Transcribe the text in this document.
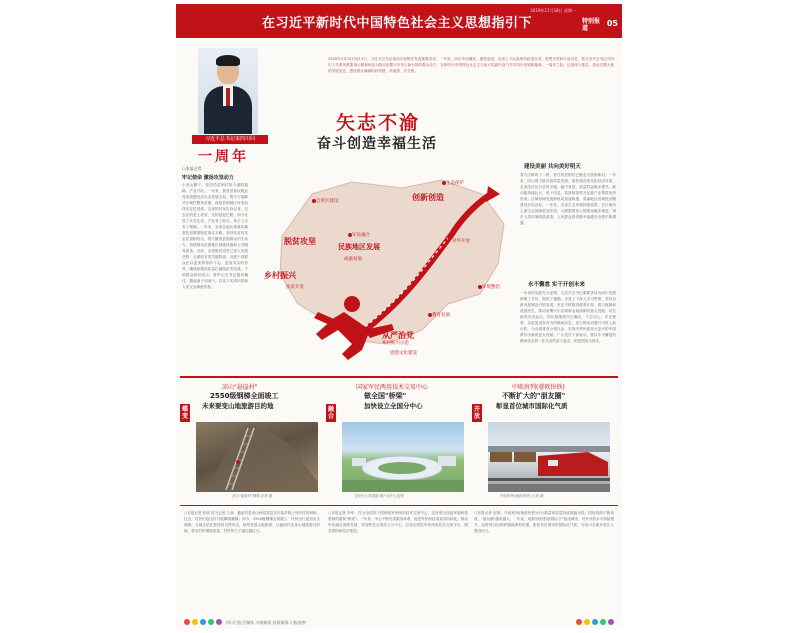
在习近平新时代中国特色社会主义思想指引下
2019年11月18日 星期一
特别报道
05
习近平总书记来四川回
一周年
2018年2月10日至13日，习近平总书记来四川视察并发表重要讲话。一年来，四川牢记嘱托，感恩奋进，全省上下以高度的政治自觉、思想自觉和行动自觉，把习近平总书记对四川工作系列重要指示精神转化为推动治蜀兴川再上新台阶的强大动力，在新时代中国特色社会主义伟大实践中奋力书写四川发展新篇章。一周年之际，记者深入基层，见证巴蜀大地的发展变化，感受群众满满的获得感、幸福感、安全感。
矢志不渝
奋斗创造幸福生活
○本报记者
牢记使命 激扬攻坚动力
小凉山脚下，曾经的贫困村如今道路通畅、产业兴旺。一年来，我省坚持以脱贫攻坚统揽经济社会发展全局，集中力量解决区域性整体贫困，深度贫困地区攻坚取得决定性进展。这里的村民告诉记者，过去住的是土坯房，走的是泥巴路，如今住进了安全住房，产业有了盼头，孩子上学有了保障。一年来，全省各地认真落实精准扶贫精准脱贫基本方略，坚持扶贫同扶志扶智相结合，着力激发贫困群众内生动力，持续推动贫困地区基础设施和公共服务改善。当前，全省脱贫攻坚已进入决战决胜、全面收官的关键阶段，各级干部群众正以更加昂扬的斗志、更加务实的作风，确保如期高质量打赢脱贫攻坚战。干部群众纷纷表示，要牢记总书记殷切嘱托，撸起袖子加油干，以实干实绩向党和人民交出满意答卷。
创新创造
脱贫攻坚
民族地区发展
乡村振兴
从严治党
生态保护
自贸区建设
军民融合
成渝发展
思想文化建设
环境整治
扶贫开发
乡村振兴示范
教育发展
对外开放
建设美丽 共向美好明天
青衣江畔的十二桥，昔日的贫困村已蜕变为旅游新村。一年来，四川着力推动高质量发展，加快建设现代化经济体系，全省经济运行总体平稳、稳中有进，质量效益稳步提升。新动能持续壮大，电子信息、装备制造等万亿级产业集群加快形成；区域协调发展新格局加速构建，成渝地区双城经济圈建设开局良好。一年来，全省生态环境持续改善，长江黄河上游生态屏障更加牢固，大熊猫国家公园建设稳步推进，城乡人居环境明显改善，人民群众获得感幸福感安全感不断增强。
永不懈怠 实干开创未来
一年来的实践充分证明，习近平总书记重要讲话为四川发展指明了方向、提供了遵循。全省上下深入学习贯彻，坚持以新发展理念引领发展，坚定不移推进改革开放，着力保障和改善民生，推动治蜀兴川各项事业取得新的重大进展。站在新的历史起点，四川将继续牢记嘱托，不忘初心、牢记使命，以更加奋发有为的精神状态，奋力推动治蜀兴川再上新台阶，为全面建成小康社会、实现中华民族伟大复兴的中国梦作出新的更大贡献。广大党员干部表示，将以永不懈怠的精神状态和一往无前的奋斗姿态，把蓝图变为现实。
蝶变
凉山"悬崖村"
2550级钢梯全面竣工
未来要变山地旅游目的地
凉山"悬崖村"钢梯 记者 摄
融合
国家军民两用技术交易中心
做全国"桥梁"
加快设立全国分中心
交易中心效果图 图片由中心提供
开放
中欧班列(蓉欧快铁)
不断扩大的"朋友圈"
彰显首位城市国际化气质
中欧班列(蓉欧快铁) 记者 摄
○本报记者 张明 见习记者 王丽　悬崖村是凉山州昭觉县支尔莫乡阿土列尔村的别称。过去，村民们进出村只能攀爬藤梯；如今，2550级钢梯全面竣工，村民出行更加安全便捷。当地正依托独特的自然风光，规划发展山地旅游，让悬崖村变身山地旅游目的地，带动村民增收致富，村民的日子越过越红火。
○本报记者 李华　作为全国首个国家级军民两用技术交易中心，这里成为连接军地科技资源的重要"桥梁"。一年来，中心不断完善服务体系，促进军民科技成果双向转化，推动军民融合深度发展，并加快在全国设立分中心，打造全国性军民两用技术交易平台，服务国防和经济建设。
○本报记者 赵明　中欧班列(蓉欧快铁)开行数量和质量持续领跑全国，国际线路不断拓展，"朋友圈"越来越大。一年来，成都加快建设国际门户枢纽城市，对外开放水平持续提升，以班列为纽带联通欧洲和东盟，彰显首位城市的国际化气质，为四川全面开放注入强劲动力。
四川日报全媒体 川观新闻 封面新闻 川报观察
